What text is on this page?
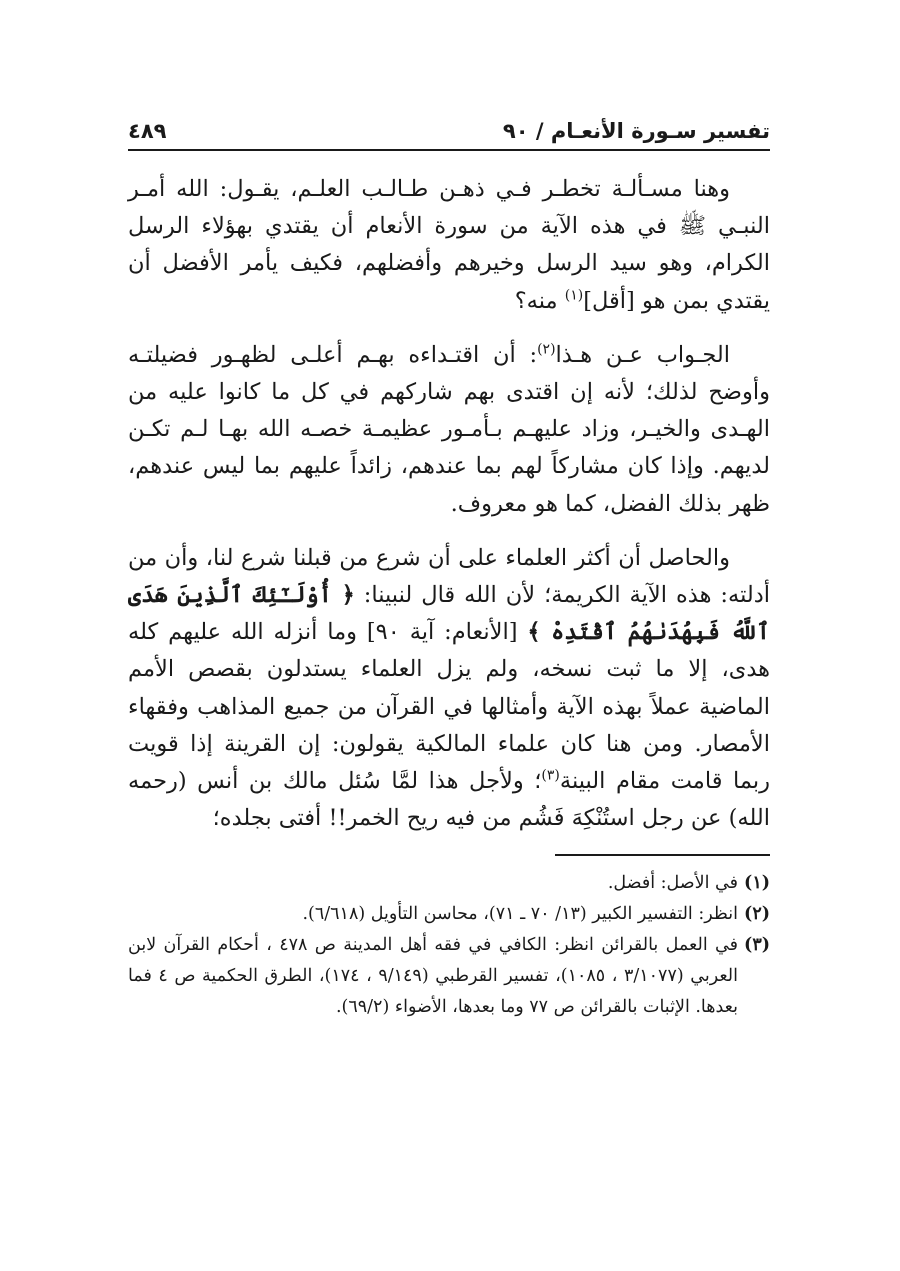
تفسير سـورة الأنعـام / ٩٠
٤٨٩

وهنا مسـألـة تخطـر فـي ذهـن طـالـب العلـم، يقـول: الله أمـر النبـي ﷺ في هذه الآية من سورة الأنعام أن يقتدي بهؤلاء الرسل الكرام، وهو سيد الرسل وخيرهم وأفضلهم، فكيف يأمر الأفضل أن يقتدي بمن هو [أقل]$^{(١)}$ منه؟

الجـواب عـن هـذا$^{(٢)}$: أن اقتـداءه بهـم أعلـى لظهـور فضيلتـه وأوضح لذلك؛ لأنه إن اقتدى بهم شاركهم في كل ما كانوا عليه من الهـدى والخيـر، وزاد عليهـم بـأمـور عظيمـة خصـه الله بهـا لـم تكـن لديهم. وإذا كان مشاركاً لهم بما عندهم، زائداً عليهم بما ليس عندهم، ظهر بذلك الفضل، كما هو معروف.

والحاصل أن أكثر العلماء على أن شرع من قبلنا شرع لنا، وأن من أدلته: هذه الآية الكريمة؛ لأن الله قال لنبينا: ﴿ أُوْلَـٰٓئِكَ ٱلَّذِينَ هَدَى ٱللَّهُ فَبِهُدَىٰهُمُ ٱقْتَدِهْ ﴾ [الأنعام: آية ٩٠] وما أنزله الله عليهم كله هدى، إلا ما ثبت نسخه، ولم يزل العلماء يستدلون بقصص الأمم الماضية عملاً بهذه الآية وأمثالها في القرآن من جميع المذاهب وفقهاء الأمصار. ومن هنا كان علماء المالكية يقولون: إن القرينة إذا قويت ربما قامت مقام البينة$^{(٣)}$؛ ولأجل هذا لمَّا سُئل مالك بن أنس (رحمه الله) عن رجل استُنْكِهَ فَشُم من فيه ريح الخمر!! أفتى بجلده؛

(١)
في الأصل: أفضل.
(٢)
انظر: التفسير الكبير (١٣/ ٧٠ ـ ٧١)، محاسن التأويل (٦/٦١٨).
(٣)
في العمل بالقرائن انظر: الكافي في فقه أهل المدينة ص ٤٧٨ ، أحكام القرآن لابن العربي (٣/١٠٧٧ ، ١٠٨٥)، تفسير القرطبي (٩/١٤٩ ، ١٧٤)، الطرق الحكمية ص ٤ فما بعدها. الإثبات بالقرائن ص ٧٧ وما بعدها، الأضواء (٦٩/٢).
